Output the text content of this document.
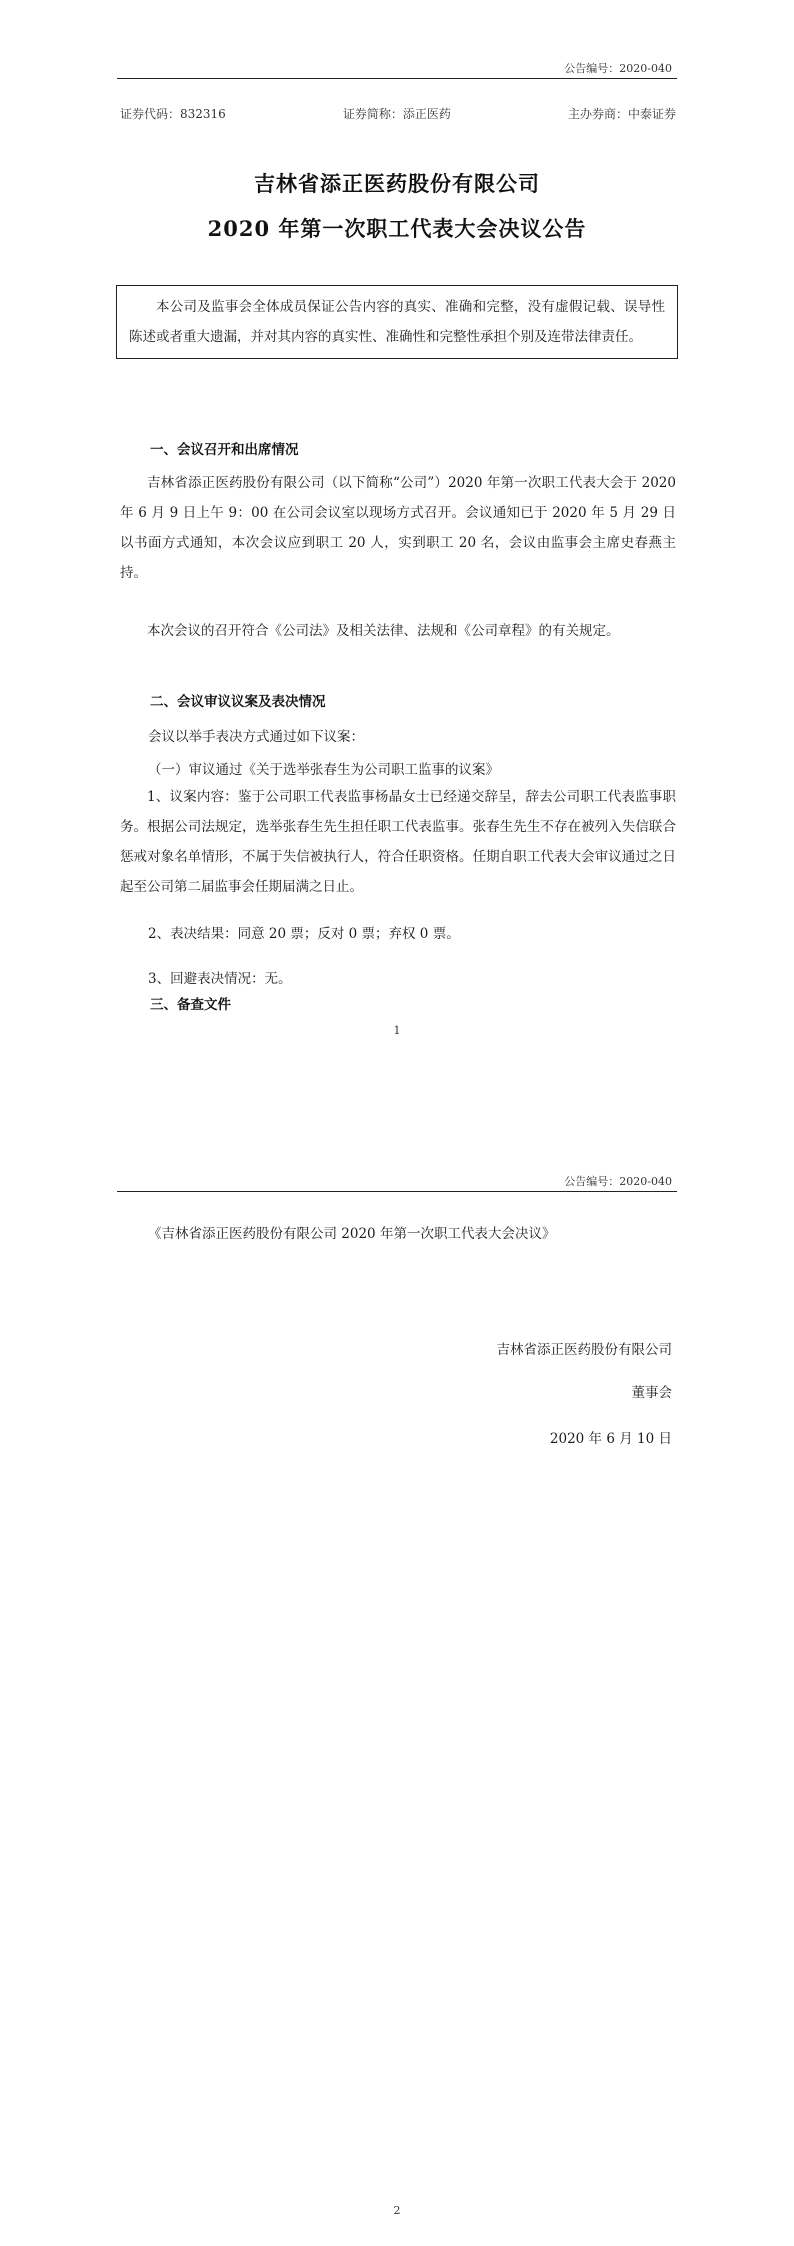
公告编号：2020-040
证券代码：832316	证券简称：添正医药	主办券商：中泰证券
吉林省添正医药股份有限公司
2020 年第一次职工代表大会决议公告
本公司及监事会全体成员保证公告内容的真实、准确和完整，没有虚假记载、误导性陈述或者重大遗漏，并对其内容的真实性、准确性和完整性承担个别及连带法律责任。
一、会议召开和出席情况
吉林省添正医药股份有限公司（以下简称“公司”）2020 年第一次职工代表大会于 2020 年 6 月 9 日上午 9：00 在公司会议室以现场方式召开。会议通知已于 2020 年 5 月 29 日以书面方式通知，本次会议应到职工 20 人，实到职工 20 名，会议由监事会主席史春燕主持。
本次会议的召开符合《公司法》及相关法律、法规和《公司章程》的有关规定。
二、会议审议议案及表决情况
会议以举手表决方式通过如下议案：
（一）审议通过《关于选举张春生为公司职工监事的议案》
1、议案内容：鉴于公司职工代表监事杨晶女士已经递交辞呈，辞去公司职工代表监事职务。根据公司法规定，选举张春生先生担任职工代表监事。张春生先生不存在被列入失信联合惩戒对象名单情形，不属于失信被执行人，符合任职资格。任期自职工代表大会审议通过之日起至公司第二届监事会任期届满之日止。
2、表决结果：同意 20 票；反对 0 票；弃权 0 票。
3、回避表决情况：无。
三、备查文件
1
公告编号：2020-040
《吉林省添正医药股份有限公司 2020 年第一次职工代表大会决议》
吉林省添正医药股份有限公司
董事会
2020 年 6 月 10 日
2
